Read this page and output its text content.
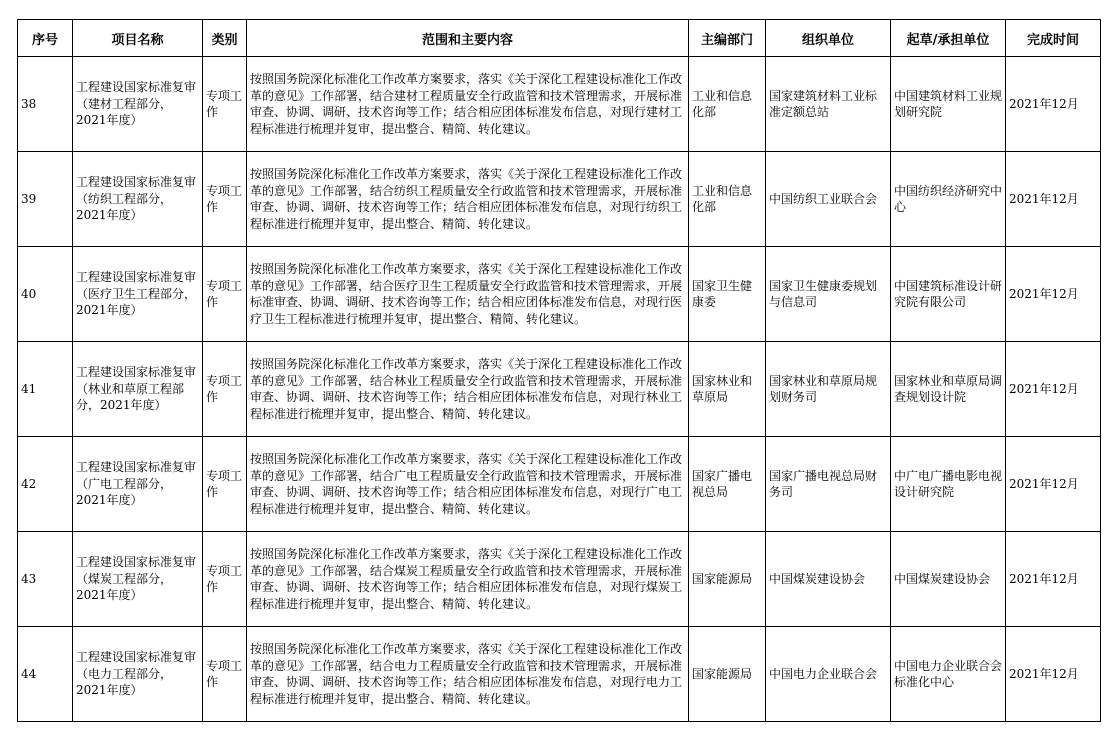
序号	项目名称	类别	范围和主要内容	主编部门	组织单位	起草/承担单位	完成时间
38	工程建设国家标准复审（建材工程部分，2021年度）	专项工作	按照国务院深化标准化工作改革方案要求，落实《关于深化工程建设标准化工作改革的意见》工作部署，结合建材工程质量安全行政监管和技术管理需求，开展标准审查、协调、调研、技术咨询等工作；结合相应团体标准发布信息，对现行建材工程标准进行梳理并复审，提出整合、精简、转化建议。	工业和信息化部	国家建筑材料工业标准定额总站	中国建筑材料工业规划研究院	2021年12月
39	工程建设国家标准复审（纺织工程部分，2021年度）	专项工作	按照国务院深化标准化工作改革方案要求，落实《关于深化工程建设标准化工作改革的意见》工作部署，结合纺织工程质量安全行政监管和技术管理需求，开展标准审查、协调、调研、技术咨询等工作；结合相应团体标准发布信息，对现行纺织工程标准进行梳理并复审，提出整合、精简、转化建议。	工业和信息化部	中国纺织工业联合会	中国纺织经济研究中心	2021年12月
40	工程建设国家标准复审（医疗卫生工程部分，2021年度）	专项工作	按照国务院深化标准化工作改革方案要求，落实《关于深化工程建设标准化工作改革的意见》工作部署，结合医疗卫生工程质量安全行政监管和技术管理需求，开展标准审查、协调、调研、技术咨询等工作；结合相应团体标准发布信息，对现行医疗卫生工程标准进行梳理并复审，提出整合、精简、转化建议。	国家卫生健康委	国家卫生健康委规划与信息司	中国建筑标准设计研究院有限公司	2021年12月
41	工程建设国家标准复审（林业和草原工程部分，2021年度）	专项工作	按照国务院深化标准化工作改革方案要求，落实《关于深化工程建设标准化工作改革的意见》工作部署，结合林业工程质量安全行政监管和技术管理需求，开展标准审查、协调、调研、技术咨询等工作；结合相应团体标准发布信息，对现行林业工程标准进行梳理并复审，提出整合、精简、转化建议。	国家林业和草原局	国家林业和草原局规划财务司	国家林业和草原局调查规划设计院	2021年12月
42	工程建设国家标准复审（广电工程部分，2021年度）	专项工作	按照国务院深化标准化工作改革方案要求，落实《关于深化工程建设标准化工作改革的意见》工作部署，结合广电工程质量安全行政监管和技术管理需求，开展标准审查、协调、调研、技术咨询等工作；结合相应团体标准发布信息，对现行广电工程标准进行梳理并复审，提出整合、精简、转化建议。	国家广播电视总局	国家广播电视总局财务司	中广电广播电影电视设计研究院	2021年12月
43	工程建设国家标准复审（煤炭工程部分，2021年度）	专项工作	按照国务院深化标准化工作改革方案要求，落实《关于深化工程建设标准化工作改革的意见》工作部署，结合煤炭工程质量安全行政监管和技术管理需求，开展标准审查、协调、调研、技术咨询等工作；结合相应团体标准发布信息，对现行煤炭工程标准进行梳理并复审，提出整合、精简、转化建议。	国家能源局	中国煤炭建设协会	中国煤炭建设协会	2021年12月
44	工程建设国家标准复审（电力工程部分，2021年度）	专项工作	按照国务院深化标准化工作改革方案要求，落实《关于深化工程建设标准化工作改革的意见》工作部署，结合电力工程质量安全行政监管和技术管理需求，开展标准审查、协调、调研、技术咨询等工作；结合相应团体标准发布信息，对现行电力工程标准进行梳理并复审，提出整合、精简、转化建议。	国家能源局	中国电力企业联合会	中国电力企业联合会标准化中心	2021年12月
